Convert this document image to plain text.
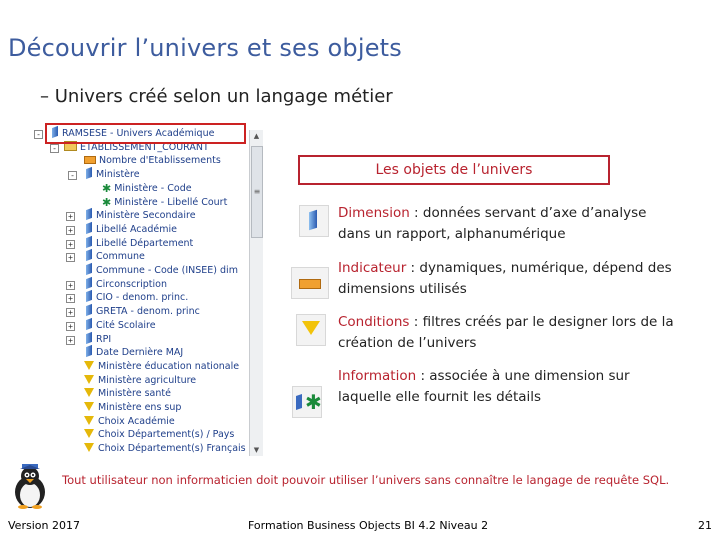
Découvrir l’univers et ses objets
– Univers créé selon un langage métier
-	RAMSESE - Univers Académique
-	ETABLISSEMENT_COURANT
Nombre d'Etablissements
-	Ministère
✱ Ministère - Code
✱ Ministère - Libellé Court
+	Ministère Secondaire
+	Libellé Académie
+	Libellé Département
+	Commune
Commune - Code (INSEE) dim
+	Circonscription
+	CIO - denom. princ.
+	GRETA - denom. princ
+	Cité Scolaire
+	RPI
Date Dernière MAJ
Ministère éducation nationale
Ministère agriculture
Ministère santé
Ministère ens sup
Choix Académie
Choix Département(s) / Pays
Choix Département(s) Français
▲
≡
▼
Les objets de l’univers
Dimension : données servant d’axe d’analyse dans un rapport, alphanumérique
Indicateur : dynamiques, numérique, dépend des dimensions utilisés
Conditions : filtres créés par le designer lors de la création de l’univers
✱
Information : associée à une dimension sur laquelle elle fournit les détails
Tout utilisateur non informaticien doit pouvoir utiliser l’univers sans connaître le langage de requête SQL.
Version 2017	Formation Business Objects BI 4.2 Niveau 2	21
